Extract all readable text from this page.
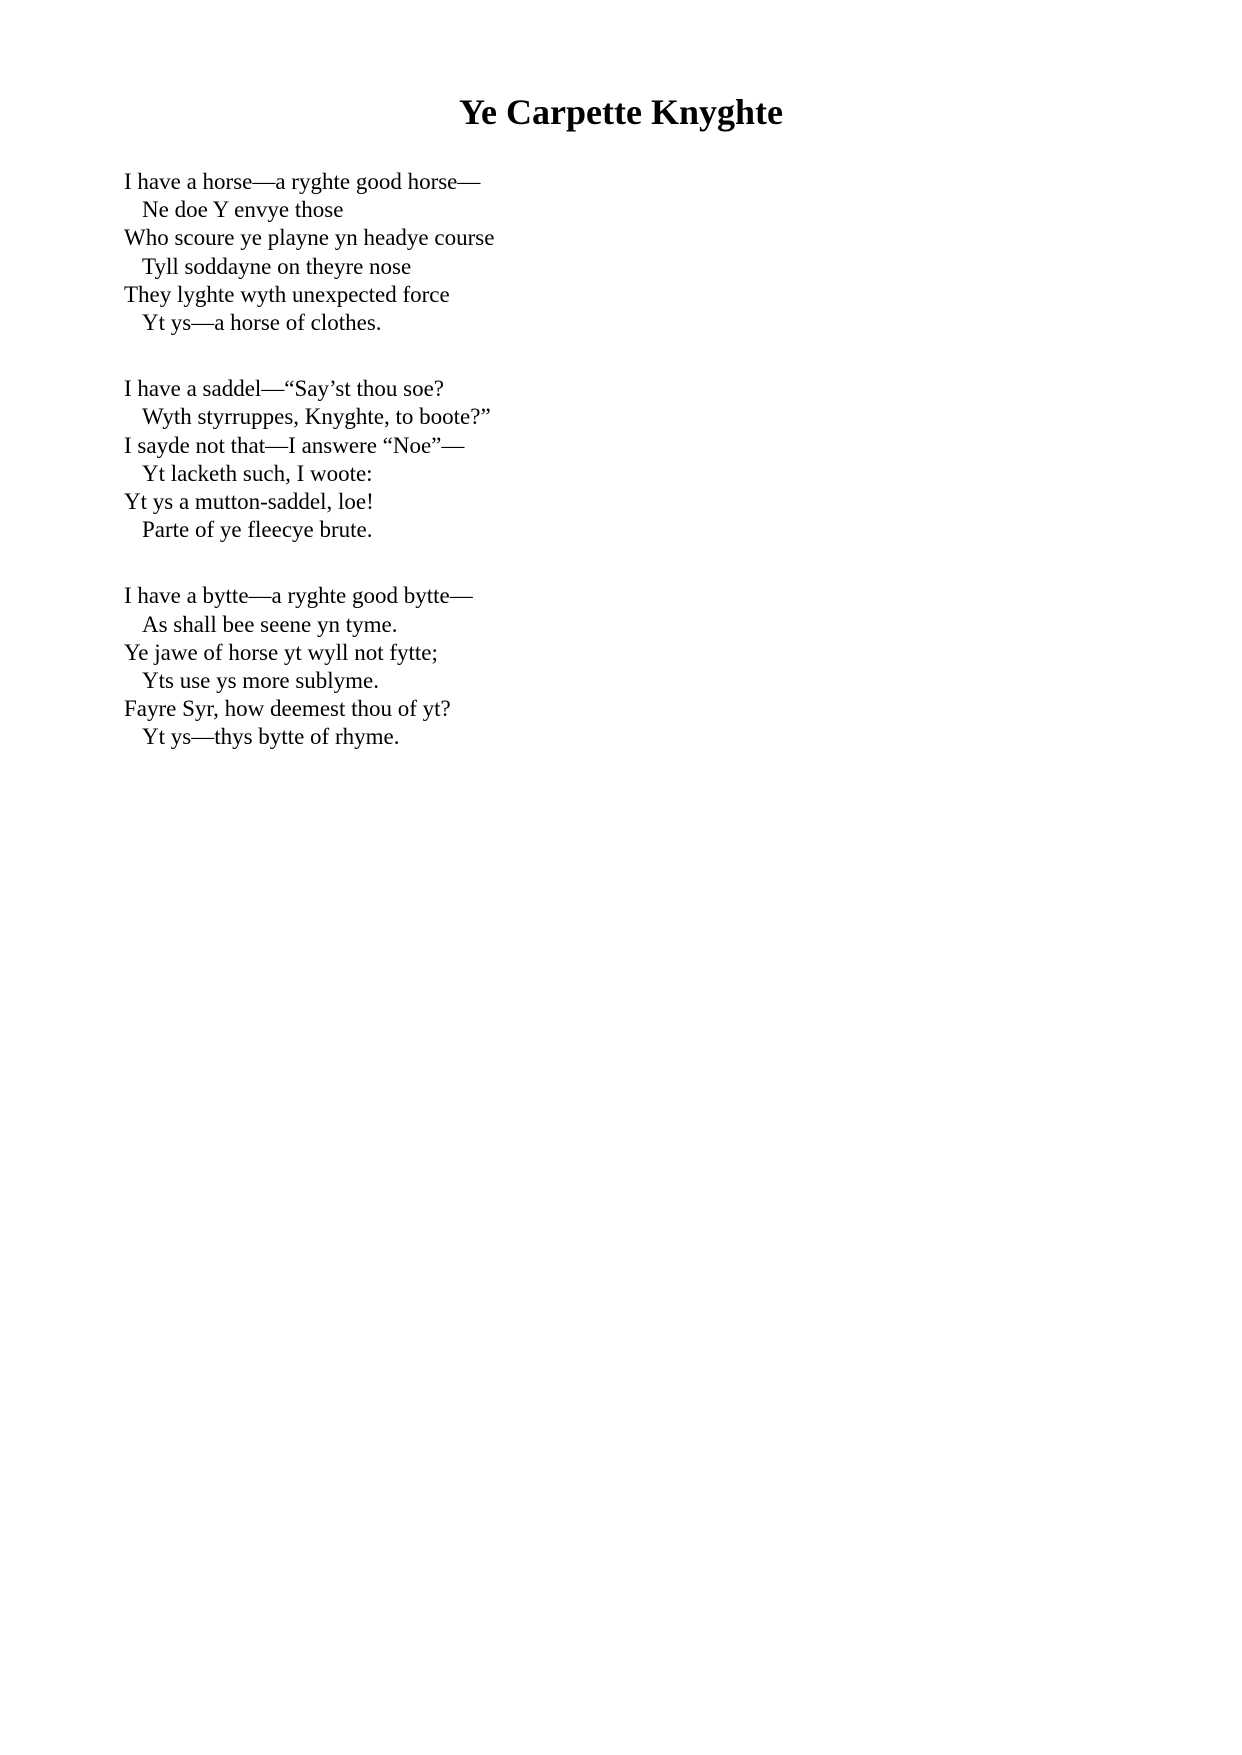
Ye Carpette Knyghte
I have a horse—a ryghte good horse—
Ne doe Y envye those
Who scoure ye playne yn headye course
Tyll soddayne on theyre nose
They lyghte wyth unexpected force
Yt ys—a horse of clothes.
I have a saddel—“Say’st thou soe?
Wyth styrruppes, Knyghte, to boote?”
I sayde not that—I answere “Noe”—
Yt lacketh such, I woote:
Yt ys a mutton-saddel, loe!
Parte of ye fleecye brute.
I have a bytte—a ryghte good bytte—
As shall bee seene yn tyme.
Ye jawe of horse yt wyll not fytte;
Yts use ys more sublyme.
Fayre Syr, how deemest thou of yt?
Yt ys—thys bytte of rhyme.
